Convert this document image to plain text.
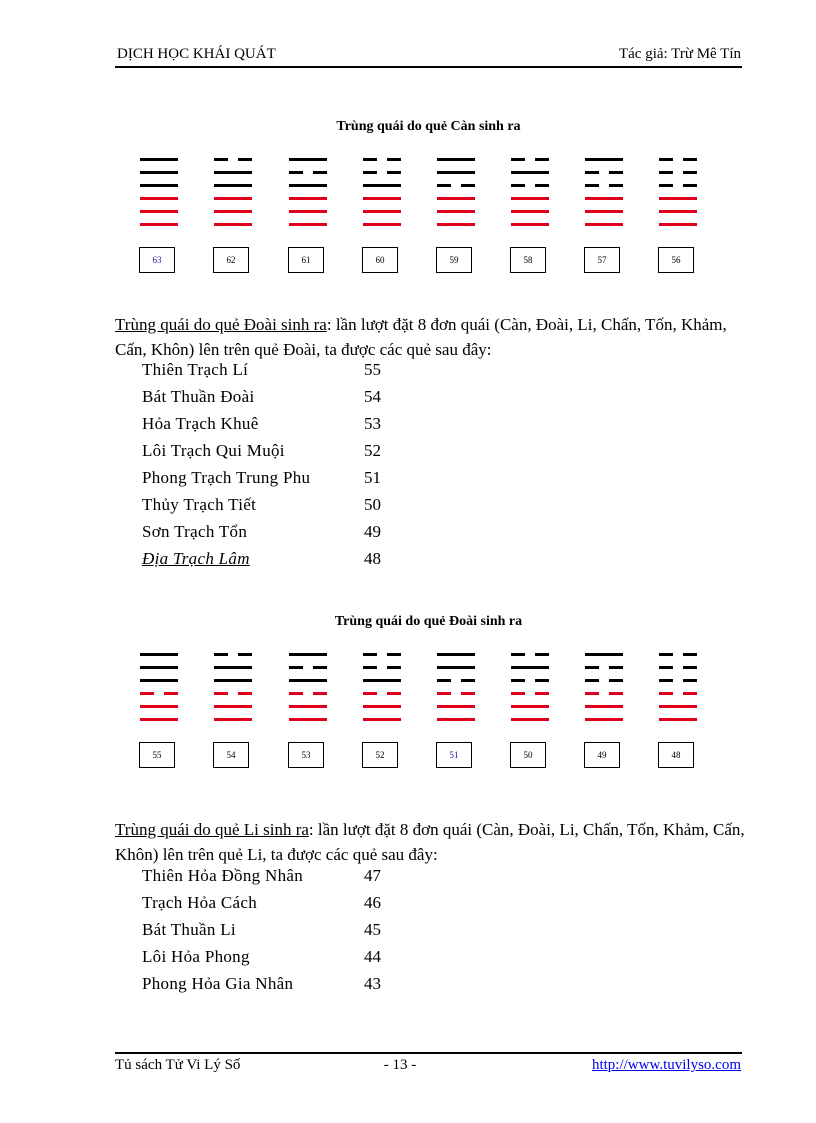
DỊCH HỌC KHÁI QUÁT	Tác giả: Trừ Mê Tín
Trùng quái do quẻ Càn sinh ra
63	62	61	60	59	58	57	56
Trùng quái do quẻ Đoài sinh ra: lần lượt đặt 8 đơn quái (Càn, Đoài, Li, Chấn, Tốn, Khảm, Cấn, Khôn) lên trên quẻ Đoài, ta được các quẻ sau đây:
Thiên Trạch Lí	55
Bát Thuần Đoài	54
Hỏa Trạch Khuê	53
Lôi Trạch Qui Muội	52
Phong Trạch Trung Phu	51
Thủy Trạch Tiết	50
Sơn Trạch Tổn	49
Địa Trạch Lâm	48
Trùng quái do quẻ Đoài sinh ra
55	54	53	52	51	50	49	48
Trùng quái do quẻ Li sinh ra: lần lượt đặt 8 đơn quái (Càn, Đoài, Li, Chấn, Tốn, Khảm, Cấn, Khôn) lên trên quẻ Li, ta được các quẻ sau đây:
Thiên Hỏa Đồng Nhân	47
Trạch Hỏa Cách	46
Bát Thuần Li	45
Lôi Hỏa Phong	44
Phong Hỏa Gia Nhân	43
Tủ sách Tử Vi Lý Số	- 13 -	http://www.tuvilyso.com
